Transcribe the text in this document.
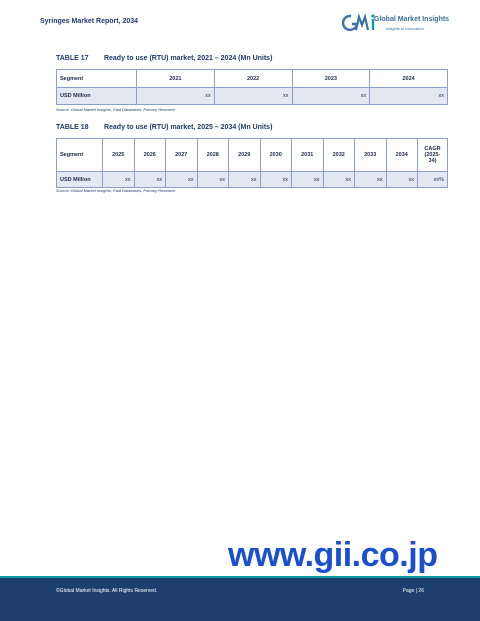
Syringes Market Report, 2034	Global Market Insights
Insights to Innovation
TABLE 17 Ready to use (RTU) market, 2021 – 2024 (Mn Units)
Segment	2021	2022	2023	2024
USD Million	xx	xx	xx	xx
Source: Global Market Insights, Paid Databases, Primary Research
TABLE 18 Ready to use (RTU) market, 2025 – 2034 (Mn Units)
Segment	2025	2026	2027	2028	2029	2030	2031	2032	2033	2034	CAGR (2025-34)
USD Million	xx	xx	xx	xx	xx	xx	xx	xx	xx	xx	xx%
Source: Global Market Insights, Paid Databases, Primary Research
www.gii.co.jp
©Global Market Insights. All Rights Reserved.	Page | 26
